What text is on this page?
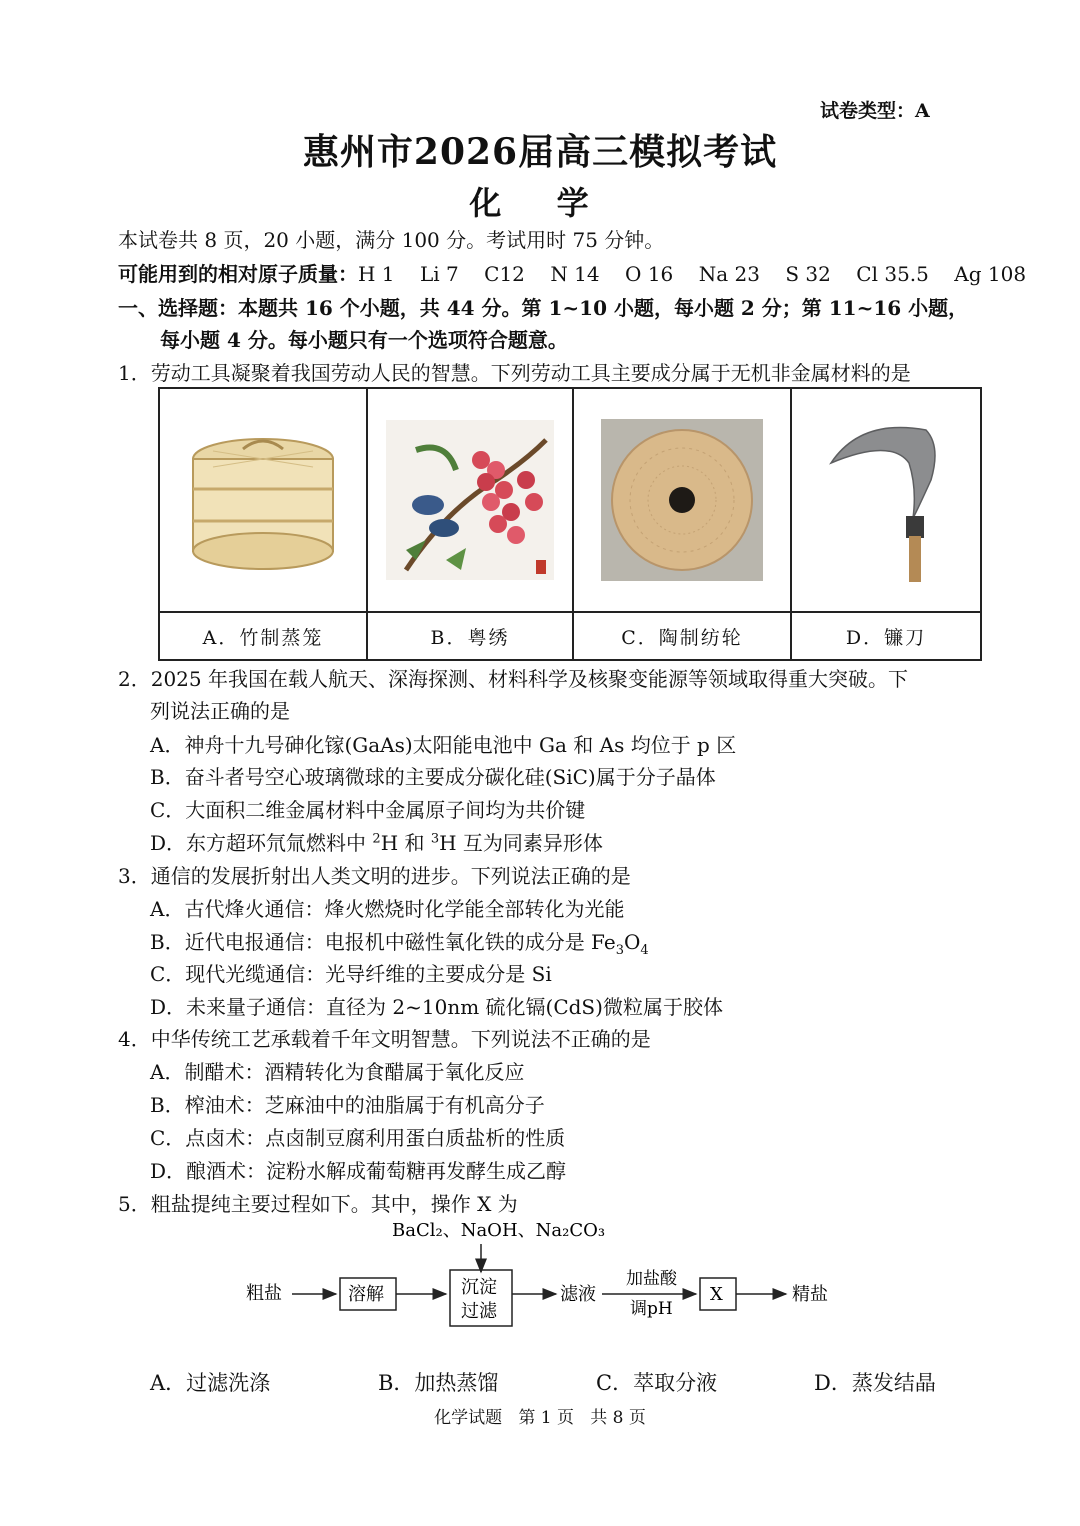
试卷类型：A
惠州市2026届高三模拟考试
化 学
本试卷共 8 页，20 小题，满分 100 分。考试用时 75 分钟。
可能用到的相对原子质量：H 1    Li 7    C12    N 14    O 16    Na 23    S 32    Cl 35.5    Ag 108
一、选择题：本题共 16 个小题，共 44 分。第 1~10 小题，每小题 2 分；第 11~16 小题，
每小题 4 分。每小题只有一个选项符合题意。
1．劳动工具凝聚着我国劳动人民的智慧。下列劳动工具主要成分属于无机非金属材料的是

A．竹制蒸笼	B．粤绣	C．陶制纺轮	D．镰刀
2．2025 年我国在载人航天、深海探测、材料科学及核聚变能源等领域取得重大突破。下
列说法正确的是
A．神舟十九号砷化镓(GaAs)太阳能电池中 Ga 和 As 均位于 p 区
B．奋斗者号空心玻璃微球的主要成分碳化硅(SiC)属于分子晶体
C．大面积二维金属材料中金属原子间均为共价键
D．东方超环氘氚燃料中 $^2$H 和 $^3$H 互为同素异形体
3．通信的发展折射出人类文明的进步。下列说法正确的是
A．古代烽火通信：烽火燃烧时化学能全部转化为光能
B．近代电报通信：电报机中磁性氧化铁的成分是 $Fe_3O_4$
C．现代光缆通信：光导纤维的主要成分是 Si
D．未来量子通信：直径为 2~10nm 硫化镉(CdS)微粒属于胶体
4．中华传统工艺承载着千年文明智慧。下列说法不正确的是
A．制醋术：酒精转化为食醋属于氧化反应
B．榨油术：芝麻油中的油脂属于有机高分子
C．点卤术：点卤制豆腐利用蛋白质盐析的性质
D．酿酒术：淀粉水解成葡萄糖再发酵生成乙醇
5．粗盐提纯主要过程如下。其中，操作 X 为
BaCl₂、NaOH、Na₂CO₃
粗盐	溶解	沉淀
过滤
滤液
加盐酸
调pH
X	精盐
A．过滤洗涤	B．加热蒸馏	C．萃取分液	D．蒸发结晶
化学试题   第 1 页   共 8 页
